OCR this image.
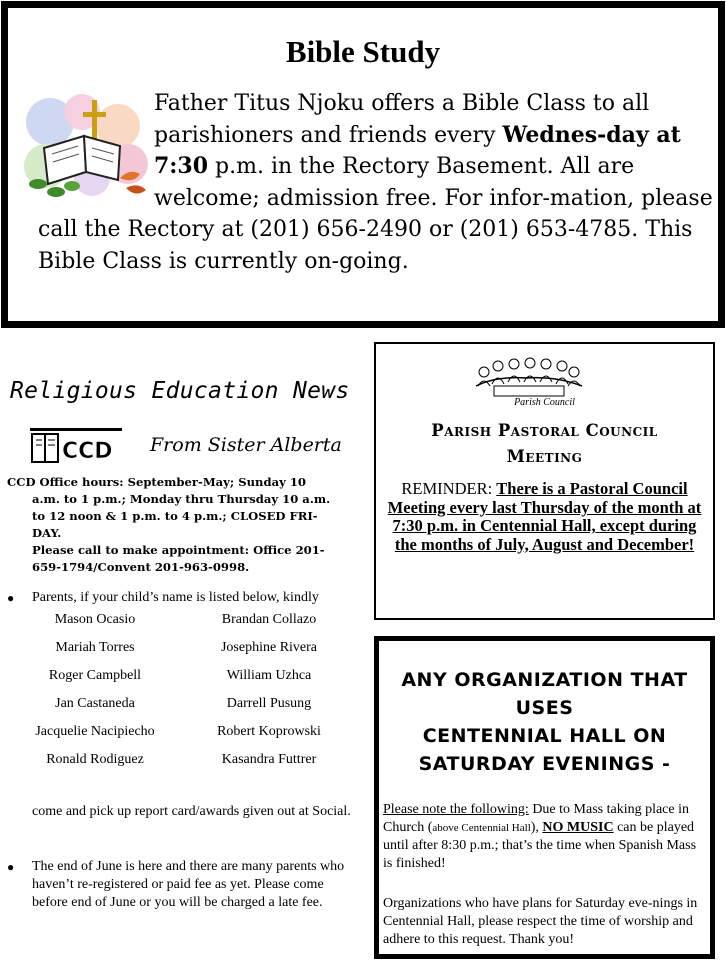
Bible Study
Father Titus Njoku offers a Bible Class to all parishioners and friends every Wednes-day at 7:30 p.m. in the Rectory Basement. All are welcome; admission free. For infor-mation, please call the Rectory at (201) 656-2490 or (201) 653-4785. This Bible Class is currently on-going.
Religious Education News
CCD From Sister Alberta
CCD Office hours: September-May; Sunday 10
a.m. to 1 p.m.; Monday thru Thursday 10 a.m.
to 12 noon & 1 p.m. to 4 p.m.; CLOSED FRI-
DAY.
Please call to make appointment: Office 201-
659-1794/Convent 201-963-0998.
● Parents, if your child’s name is listed below, kindly
Mason Ocasio	Brandan Collazo
Mariah Torres	Josephine Rivera
Roger Campbell	William Uzhca
Jan Castaneda	Darrell Pusung
Jacquelie Nacipiecho	Robert Koprowski
Ronald Rodiguez	Kasandra Futtrer
come and pick up report card/awards given out at Social.
● The end of June is here and there are many parents who haven’t re-registered or paid fee as yet. Please come before end of June or you will be charged a late fee.
Parish Council
Parish Pastoral Council
Meeting
REMINDER: There is a Pastoral Council Meeting every last Thursday of the month at 7:30 p.m. in Centennial Hall, except during the months of July, August and December!
ANY ORGANIZATION THAT
USES
CENTENNIAL HALL ON
SATURDAY EVENINGS -
Please note the following: Due to Mass taking place in Church (above Centennial Hall), NO MUSIC can be played until after 8:30 p.m.; that’s the time when Spanish Mass is finished!
Organizations who have plans for Saturday eve-nings in Centennial Hall, please respect the time of worship and adhere to this request. Thank you!
